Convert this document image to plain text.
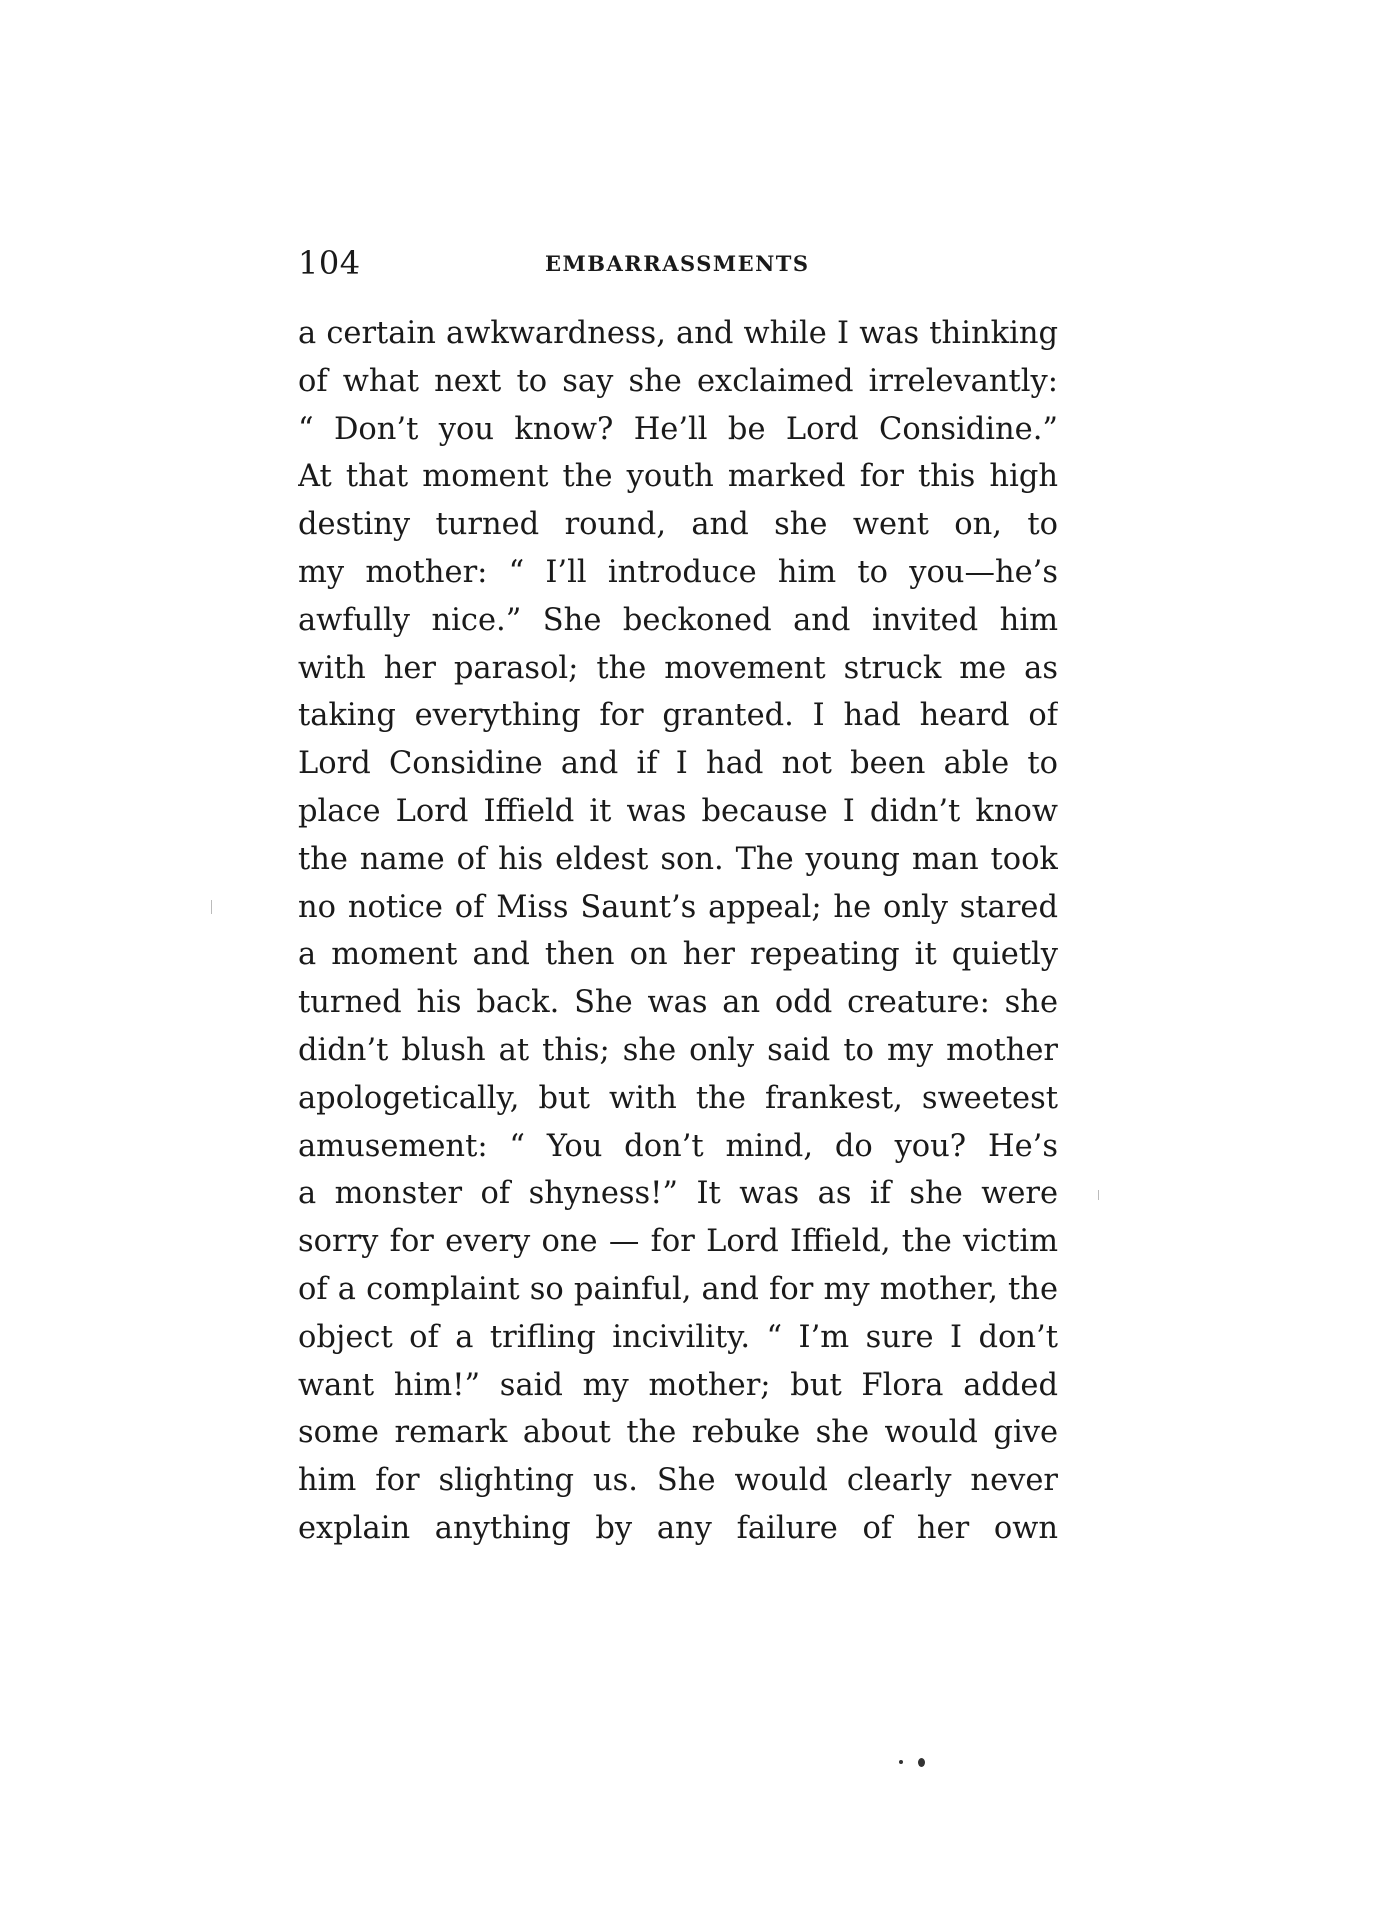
104	EMBARRASSMENTS
a certain awkwardness, and while I was thinking
of what next to say she exclaimed irrelevantly:
“ Don’t you know? He’ll be Lord Considine.”
At that moment the youth marked for this high
destiny turned round, and she went on, to
my mother: “ I’ll introduce him to you—he’s
awfully nice.” She beckoned and invited him
with her parasol; the movement struck me as
taking everything for granted. I had heard of
Lord Considine and if I had not been able to
place Lord Iffield it was because I didn’t know
the name of his eldest son. The young man took
no notice of Miss Saunt’s appeal; he only stared
a moment and then on her repeating it quietly
turned his back. She was an odd creature: she
didn’t blush at this; she only said to my mother
apologetically, but with the frankest, sweetest
amusement: “ You don’t mind, do you? He’s
a monster of shyness!” It was as if she were
sorry for every one — for Lord Iffield, the victim
of a complaint so painful, and for my mother, the
object of a trifling incivility. “ I’m sure I don’t
want him!” said my mother; but Flora added
some remark about the rebuke she would give
him for slighting us. She would clearly never
explain anything by any failure of her own
